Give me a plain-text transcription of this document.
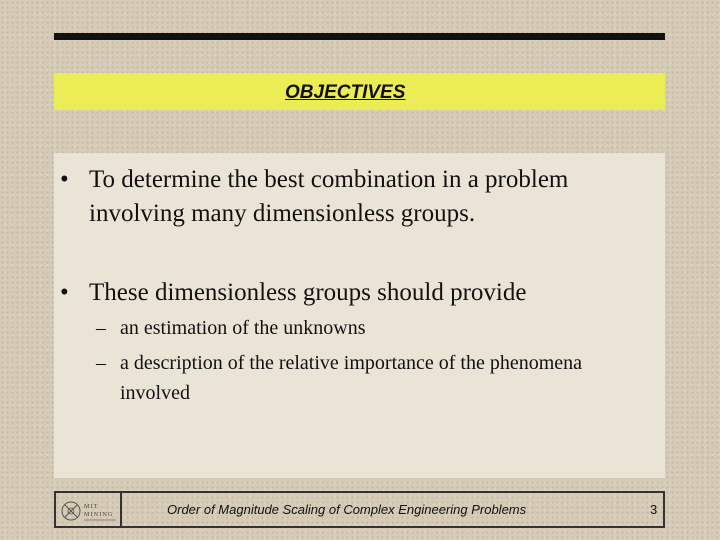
OBJECTIVES
• To determine the best combination in a problem involving many dimensionless groups.
• These dimensionless groups should provide
– an estimation of the unknowns
– a description of the relative importance of the phenomena involved
MIT
MINING	Order of Magnitude Scaling of Complex Engineering Problems	3
